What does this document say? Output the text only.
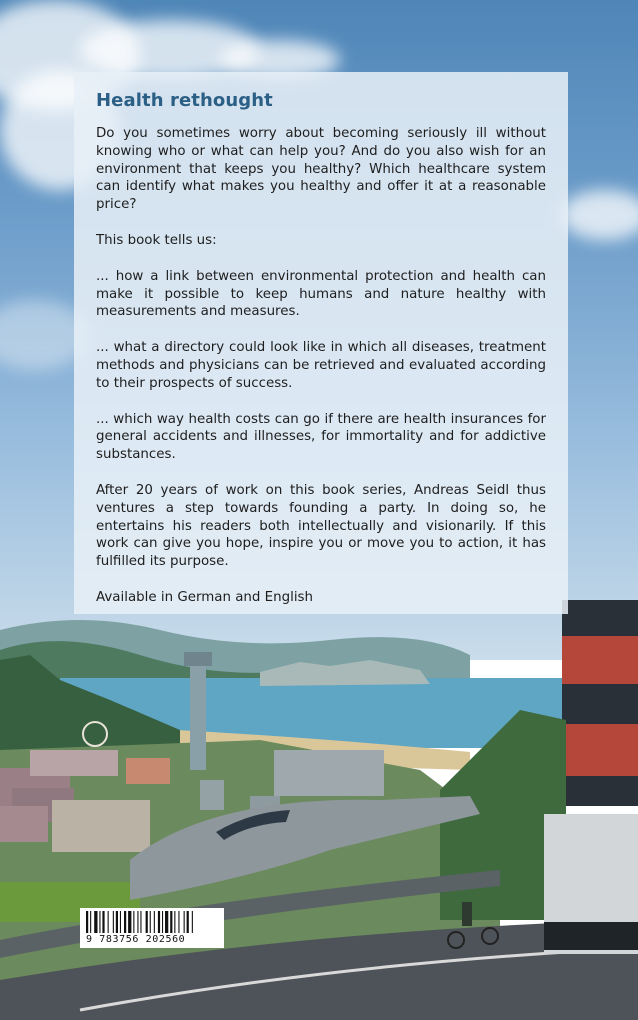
Health rethought

Do you sometimes worry about becoming seriously ill without knowing who or what can help you? And do you also wish for an environment that keeps you healthy? Which healthcare system can identify what makes you healthy and offer it at a reasonable price?

This book tells us:

... how a link between environmental protection and health can make it possible to keep humans and nature healthy with measurements and measures.

... what a directory could look like in which all diseases, treatment methods and physicians can be retrieved and evaluated according to their prospects of success.

... which way health costs can go if there are health insurances for general accidents and illnesses, for immortality and for addictive substances.

After 20 years of work on this book series, Andreas Seidl thus ventures a step towards founding a party. In doing so, he entertains his readers both intellectually and visionarily. If this work can give you hope, inspire you or move you to action, it has fulfilled its purpose.

Available in German and English

9 783756 202560
